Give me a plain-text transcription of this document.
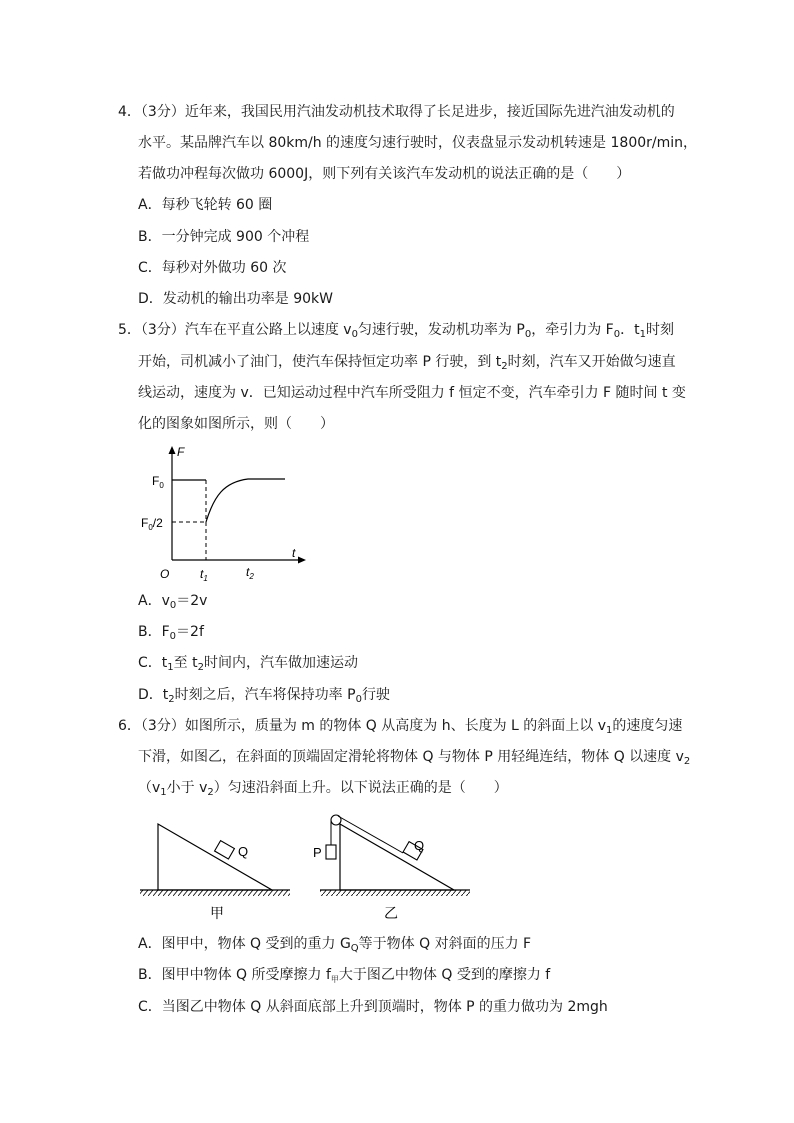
4．（3分）近年来，我国民用汽油发动机技术取得了长足进步，接近国际先进汽油发动机的
水平。某品牌汽车以 80km/h 的速度匀速行驶时，仪表盘显示发动机转速是 1800r/min，
若做功冲程每次做功 6000J，则下列有关该汽车发动机的说法正确的是（　　）
A．每秒飞轮转 60 圈
B．一分钟完成 900 个冲程
C．每秒对外做功 60 次
D．发动机的输出功率是 90kW
5．（3分）汽车在平直公路上以速度 $v_0$匀速行驶，发动机功率为 $P_0$，牵引力为 $F_0$．$t_1$时刻
开始，司机减小了油门，使汽车保持恒定功率 P 行驶，到 $t_2$时刻，汽车又开始做匀速直
线运动，速度为 v．已知运动过程中汽车所受阻力 f 恒定不变，汽车牵引力 F 随时间 t 变
化的图象如图所示，则（　　）
F
t
O
$F_0$
$F_0/2$
$t_1$	$t_2$
A．$v_0=2v$
B．$F_0=2f$
C．$t_1$至 $t_2$时间内，汽车做加速运动
D．$t_2$时刻之后，汽车将保持功率 $P_0$行驶
6．（3分）如图所示，质量为 m 的物体 Q 从高度为 h、长度为 L 的斜面上以 $v_1$的速度匀速
下滑，如图乙，在斜面的顶端固定滑轮将物体 Q 与物体 P 用轻绳连结，物体 Q 以速度 $v_2$
（$v_1$小于 $v_2$）匀速沿斜面上升。以下说法正确的是（　　）
Q
甲
Q
P
乙
A．图甲中，物体 Q 受到的重力 $G_Q$等于物体 Q 对斜面的压力 F
B．图甲中物体 Q 所受摩擦力 $f_甲$大于图乙中物体 Q 受到的摩擦力 f
C．当图乙中物体 Q 从斜面底部上升到顶端时，物体 P 的重力做功为 2mgh
